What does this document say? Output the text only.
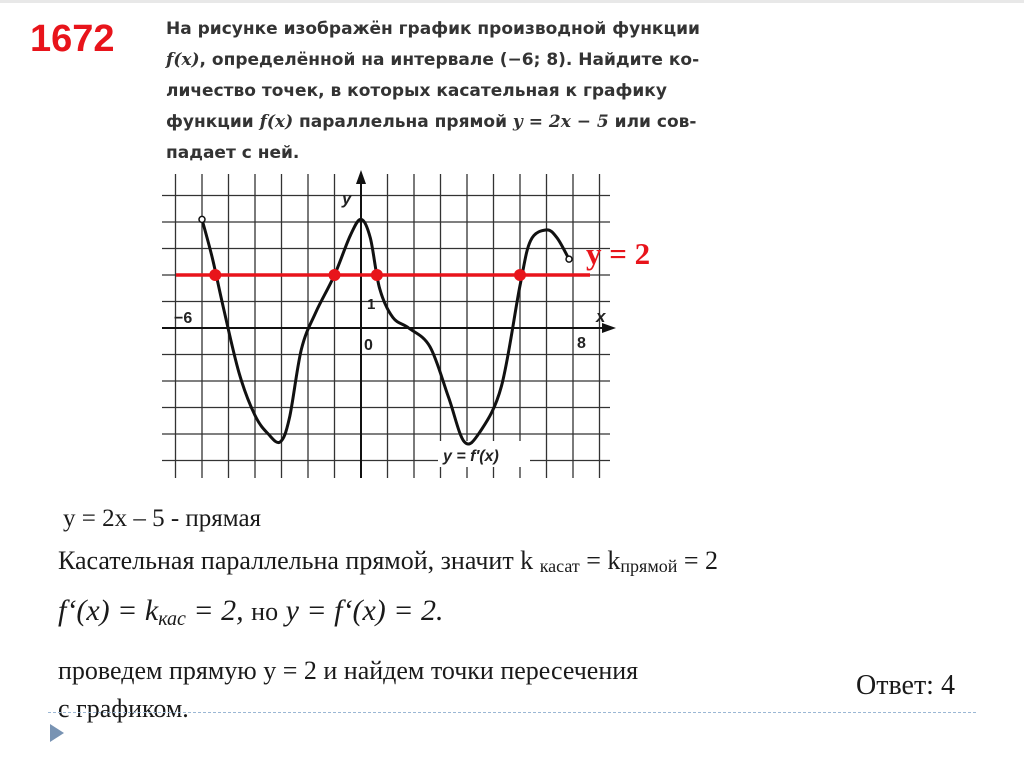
1672	На рисунке изображён график производной функции
f(x), определённой на интервале (−6; 8). Найдите ко-
личество точек, в которых касательная к графику
функции f(x) параллельна прямой y = 2x − 5 или сов-
падает с ней.

y
x
0
1
−6
8
y = f′(x)
y = 2

y = 2x – 5 - прямая

Касательная параллельна прямой, значит k $_{касат} = k_{прямой} = 2$

f‘(x) = $k_{кас} = 2$, но y = f‘(x) = 2.

проведем прямую y = 2 и найдем точки пересечения
с графиком.

Ответ: 4
